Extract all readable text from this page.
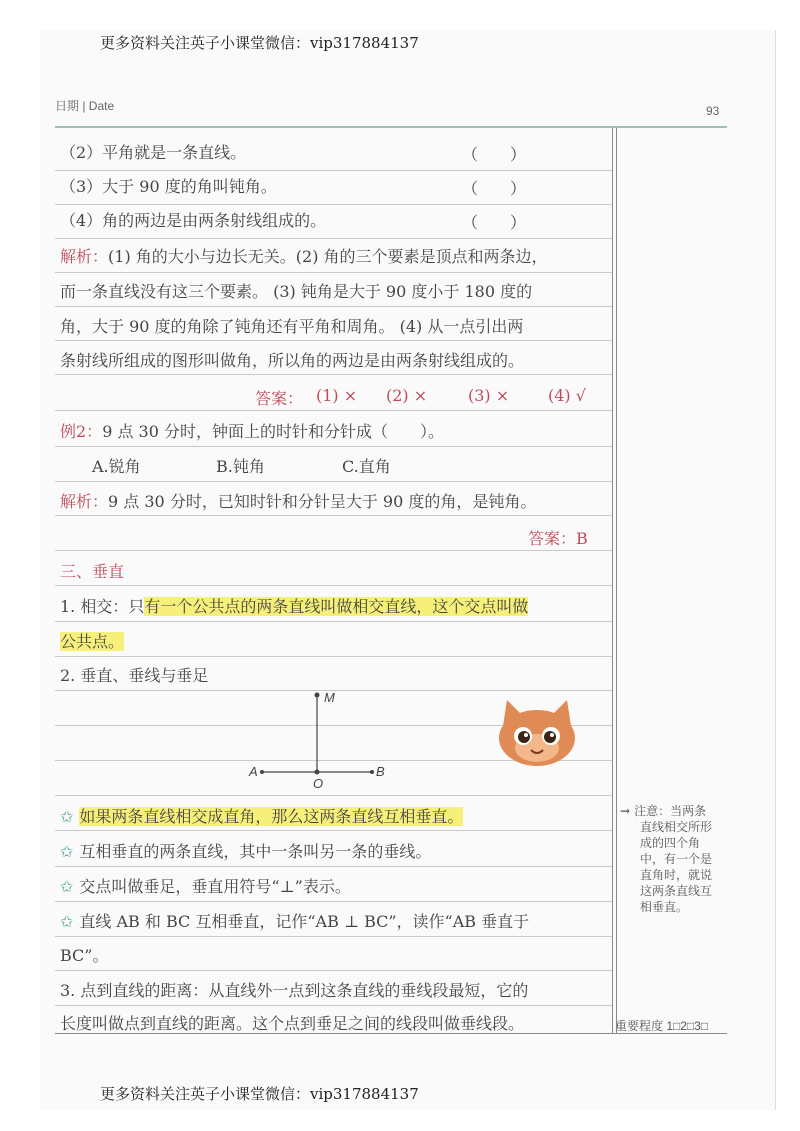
更多资料关注英子小课堂微信：vip317884137
更多资料关注英子小课堂微信：vip317884137
日期 | Date	93
（2）平角就是一条直线。	（　　）
（3）大于 90 度的角叫钝角。	（　　）
（4）角的两边是由两条射线组成的。	（　　）
解析：(1) 角的大小与边长无关。(2) 角的三个要素是顶点和两条边，
而一条直线没有这三个要素。 (3) 钝角是大于 90 度小于 180 度的
角，大于 90 度的角除了钝角还有平角和周角。 (4) 从一点引出两
条射线所组成的图形叫做角，所以角的两边是由两条射线组成的。
答案： (1) × (2) ×	(3) × (4) √
例2：9 点 30 分时，钟面上的时针和分针成（　　）。
A.锐角	B.钝角	C.直角
解析：9 点 30 分时，已知时针和分针呈大于 90 度的角，是钝角。
答案：B
三、垂直
1. 相交：只有一个公共点的两条直线叫做相交直线，这个交点叫做
公共点。
2. 垂直、垂线与垂足
M
A
O
B
✩ 如果两条直线相交成直角，那么这两条直线互相垂直。
✩ 互相垂直的两条直线，其中一条叫另一条的垂线。
✩ 交点叫做垂足，垂直用符号“⊥”表示。
✩ 直线 AB 和 BC 互相垂直，记作“AB ⊥ BC”，读作“AB 垂直于
BC”。
3. 点到直线的距离：从直线外一点到这条直线的垂线段最短，它的
长度叫做点到直线的距离。这个点到垂足之间的线段叫做垂线段。
→ 注意：当两条
直线相交所形
成的四个角
中，有一个是
直角时，就说
这两条直线互
相垂直。
重要程度 1□2□3□
